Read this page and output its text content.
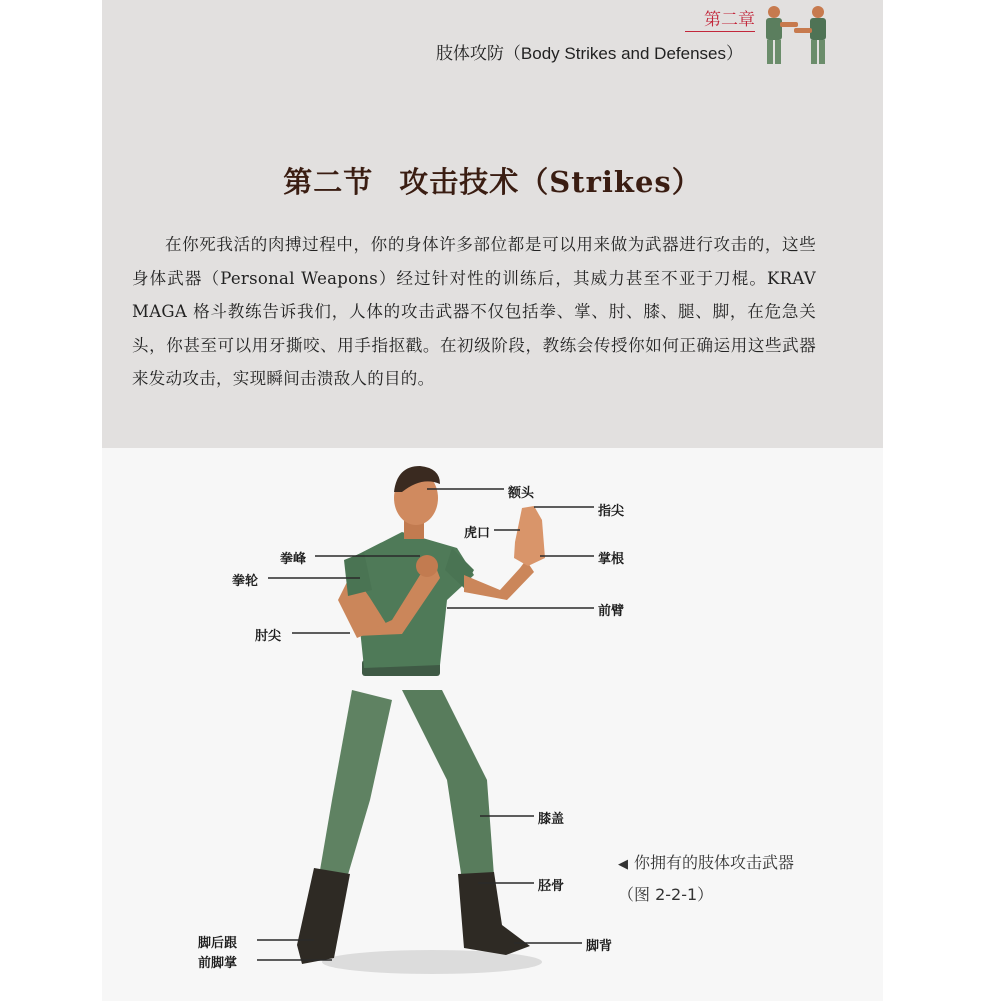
第二章
肢体攻防（Body Strikes and Defenses）
第二节 攻击技术（Strikes）
在你死我活的肉搏过程中，你的身体许多部位都是可以用来做为武器进行攻击的，这些身体武器（Personal Weapons）经过针对性的训练后，其威力甚至不亚于刀棍。KRAV MAGA 格斗教练告诉我们，人体的攻击武器不仅包括拳、掌、肘、膝、腿、脚，在危急关头，你甚至可以用牙撕咬、用手指抠戳。在初级阶段，教练会传授你如何正确运用这些武器来发动攻击，实现瞬间击溃敌人的目的。
额头
指尖
虎口
拳峰	掌根
拳轮
前臂
肘尖
膝盖
胫骨
脚后跟	脚背
前脚掌
◀ 你拥有的肢体攻击武器（图 2-2-1）
